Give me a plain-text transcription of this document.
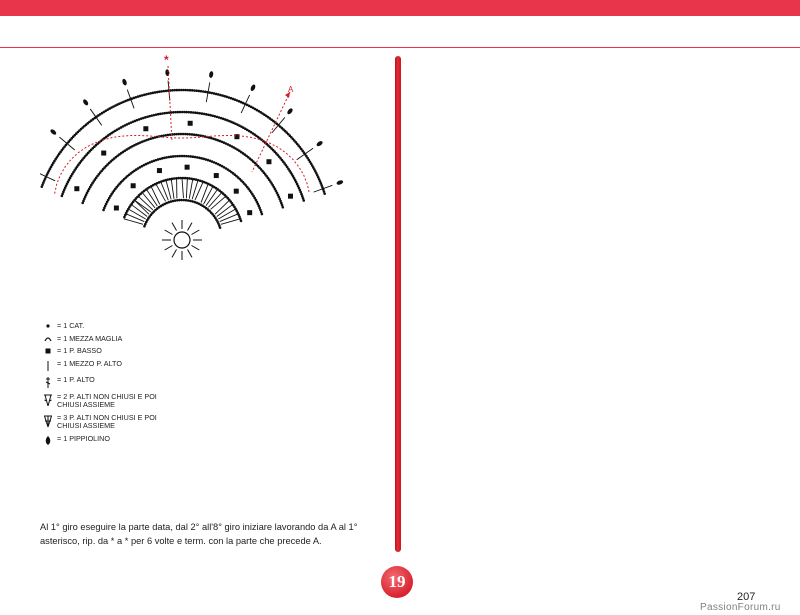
*
A
= 1 CAT.
= 1 MEZZA MAGLIA
= 1 P. BASSO
= 1 MEZZO P. ALTO
= 1 P. ALTO
= 2 P. ALTI NON CHIUSI E POI CHIUSI ASSIEME
= 3 P. ALTI NON CHIUSI E POI CHIUSI ASSIEME
= 1 PIPPIOLINO

Al 1° giro eseguire la parte data, dal 2° all'8° giro iniziare lavorando da A al 1° asterisco, rip. da * a * per 6 volte e term. con la parte che precede A.

19
207
PassionForum.ru
